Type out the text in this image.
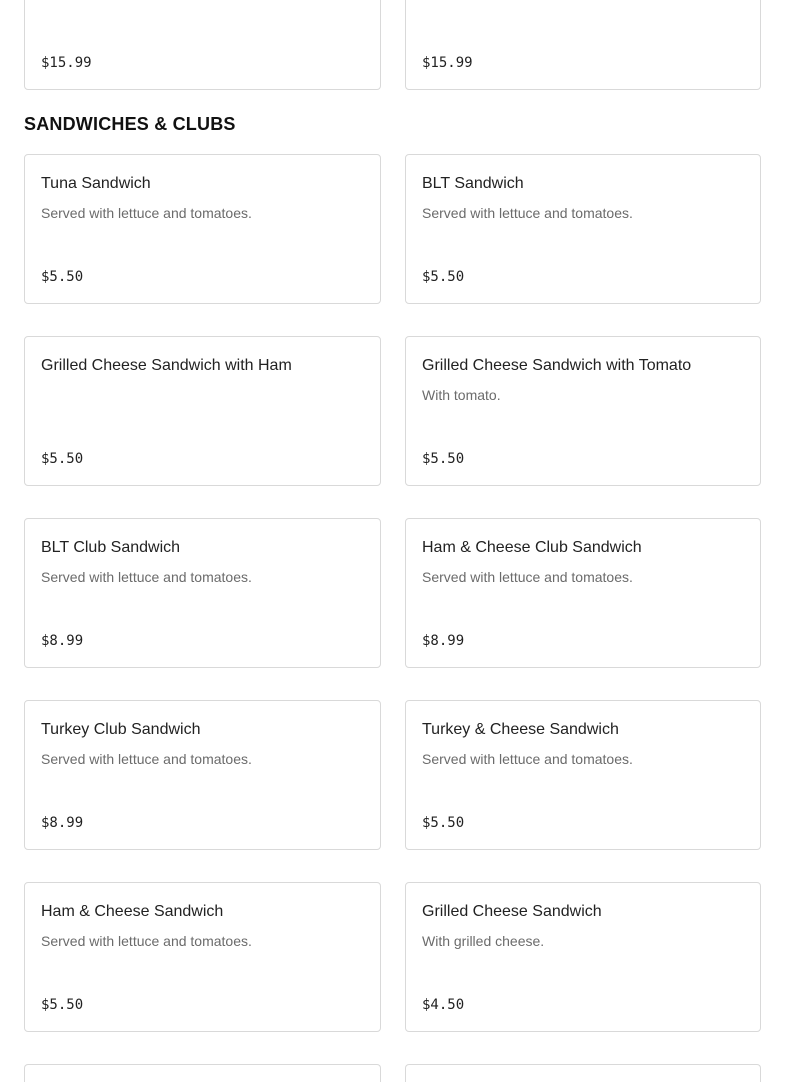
$15.99	$15.99
SANDWICHES & CLUBS
Tuna Sandwich
Served with lettuce and tomatoes.
$5.50
BLT Sandwich
Served with lettuce and tomatoes.
$5.50
Grilled Cheese Sandwich with Ham
$5.50
Grilled Cheese Sandwich with Tomato
With tomato.
$5.50
BLT Club Sandwich
Served with lettuce and tomatoes.
$8.99
Ham & Cheese Club Sandwich
Served with lettuce and tomatoes.
$8.99
Turkey Club Sandwich
Served with lettuce and tomatoes.
$8.99
Turkey & Cheese Sandwich
Served with lettuce and tomatoes.
$5.50
Ham & Cheese Sandwich
Served with lettuce and tomatoes.
$5.50
Grilled Cheese Sandwich
With grilled cheese.
$4.50
